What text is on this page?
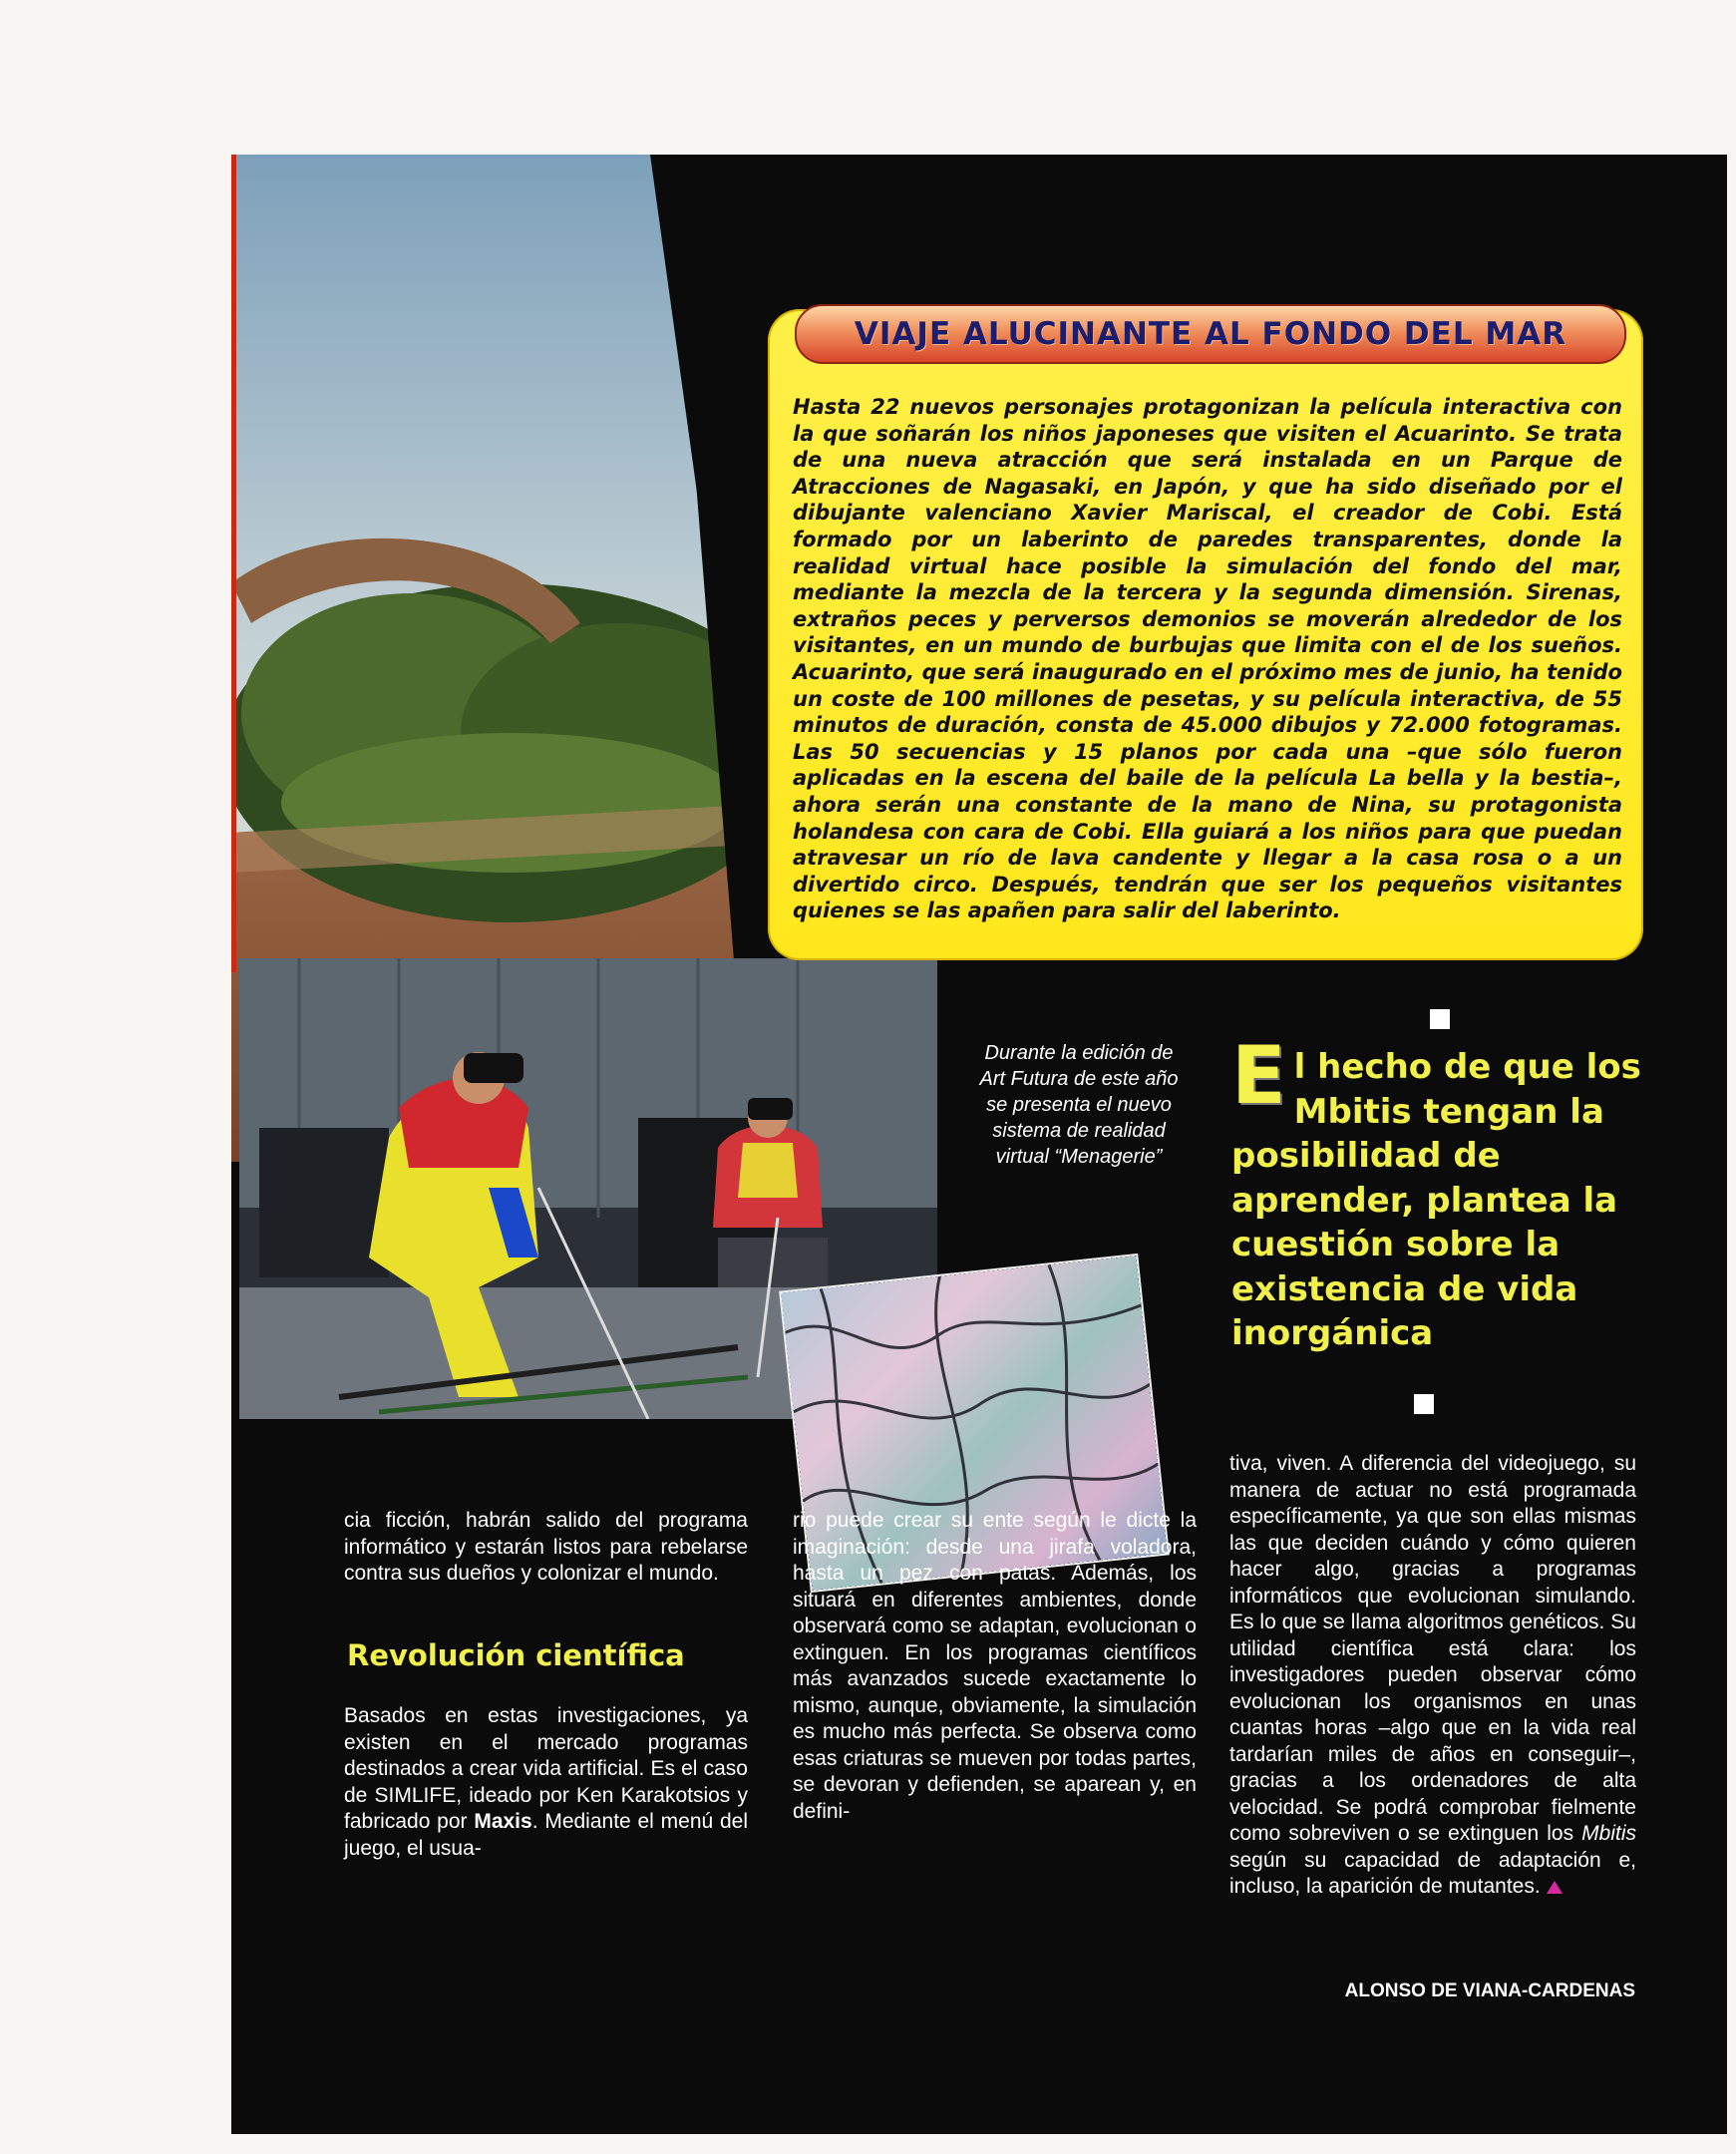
Durante la edición de Art Futura de este año se presenta el nuevo sistema de realidad virtual “Menagerie”
VIAJE ALUCINANTE AL FONDO DEL MAR
Hasta 22 nuevos personajes protagonizan la película interactiva con la que soñarán los niños japoneses que visiten el Acuarinto. Se trata de una nueva atracción que será instalada en un Parque de Atracciones de Nagasaki, en Japón, y que ha sido diseñado por el dibujante valenciano Xavier Mariscal, el creador de Cobi. Está formado por un laberinto de paredes transparentes, donde la realidad virtual hace posible la simulación del fondo del mar, mediante la mezcla de la tercera y la segunda dimensión. Sirenas, extraños peces y perversos demonios se moverán alrededor de los visitantes, en un mundo de burbujas que limita con el de los sueños. Acuarinto, que será inaugurado en el próximo mes de junio, ha tenido un coste de 100 millones de pesetas, y su película interactiva, de 55 minutos de duración, consta de 45.000 dibujos y 72.000 fotogramas. Las 50 secuencias y 15 planos por cada una –que sólo fueron aplicadas en la escena del baile de la película La bella y la bestia–, ahora serán una constante de la mano de Nina, su protagonista holandesa con cara de Cobi. Ella guiará a los niños para que puedan atravesar un río de lava candente y llegar a la casa rosa o a un divertido circo. Después, tendrán que ser los pequeños visitantes quienes se las apañen para salir del laberinto.
El hecho de que los Mbitis tengan la posibilidad de aprender, plantea la cuestión sobre la existencia de vida inorgánica
cia ficción, habrán salido del programa informático y estarán listos para rebelarse contra sus dueños y colonizar el mundo.
Revolución científica
Basados en estas investigaciones, ya existen en el mercado programas destinados a crear vida artificial. Es el caso de SIMLIFE, ideado por Ken Karakotsios y fabricado por Maxis. Mediante el menú del juego, el usua-
rio puede crear su ente según le dicte la imaginación: desde una jirafa voladora, hasta un pez con patas. Además, los situará en diferentes ambientes, donde observará como se adaptan, evolucionan o extinguen. En los programas científicos más avanzados sucede exactamente lo mismo, aunque, obviamente, la simulación es mucho más perfecta. Se observa como esas criaturas se mueven por todas partes, se devoran y defienden, se aparean y, en defini-
tiva, viven. A diferencia del videojuego, su manera de actuar no está programada específicamente, ya que son ellas mismas las que deciden cuándo y cómo quieren hacer algo, gracias a programas informáticos que evolucionan simulando. Es lo que se llama algoritmos genéticos. Su utilidad científica está clara: los investigadores pueden observar cómo evolucionan los organismos en unas cuantas horas –algo que en la vida real tardarían miles de años en conseguir–, gracias a los ordenadores de alta velocidad. Se podrá comprobar fielmente como sobreviven o se extinguen los Mbitis según su capacidad de adaptación e, incluso, la aparición de mutantes.
ALONSO DE VIANA-CARDENAS
